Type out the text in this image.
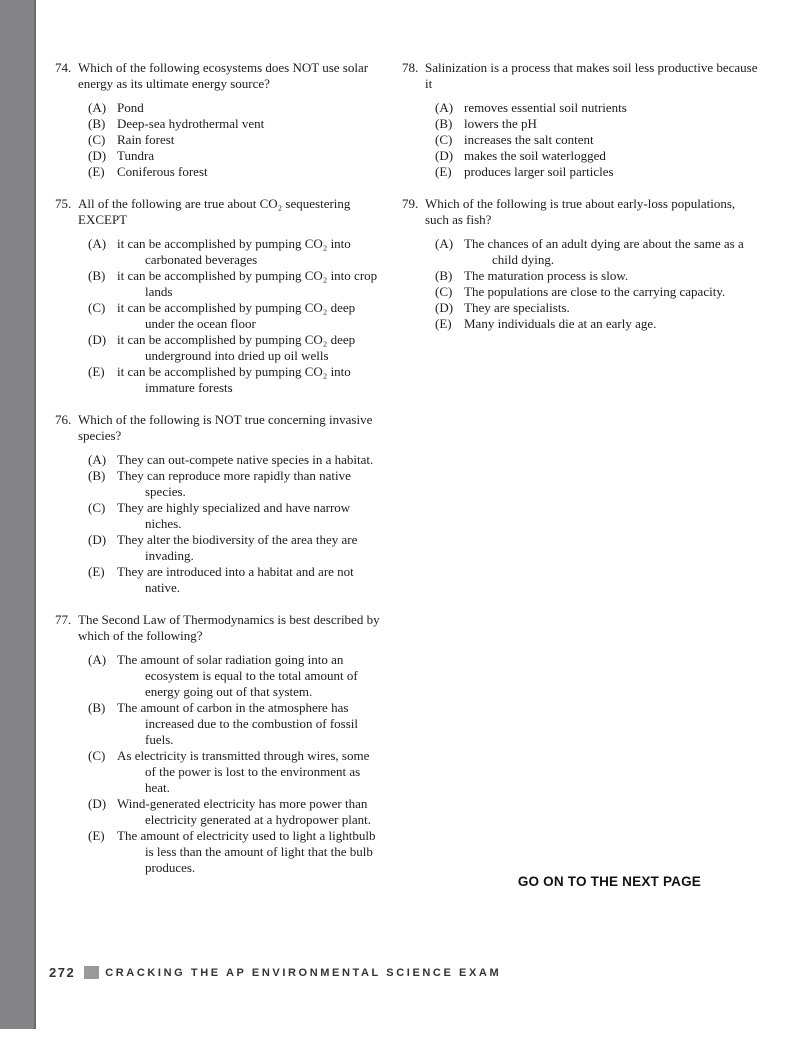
74. Which of the following ecosystems does NOT use solar energy as its ultimate energy source?
(A) Pond
(B) Deep-sea hydrothermal vent
(C) Rain forest
(D) Tundra
(E) Coniferous forest
75. All of the following are true about CO₂ sequestering EXCEPT
(A) it can be accomplished by pumping CO₂ into carbonated beverages
(B) it can be accomplished by pumping CO₂ into crop lands
(C) it can be accomplished by pumping CO₂ deep under the ocean floor
(D) it can be accomplished by pumping CO₂ deep underground into dried up oil wells
(E) it can be accomplished by pumping CO₂ into immature forests
76. Which of the following is NOT true concerning invasive species?
(A) They can out-compete native species in a habitat.
(B) They can reproduce more rapidly than native species.
(C) They are highly specialized and have narrow niches.
(D) They alter the biodiversity of the area they are invading.
(E) They are introduced into a habitat and are not native.
77. The Second Law of Thermodynamics is best described by which of the following?
(A) The amount of solar radiation going into an ecosystem is equal to the total amount of energy going out of that system.
(B) The amount of carbon in the atmosphere has increased due to the combustion of fossil fuels.
(C) As electricity is transmitted through wires, some of the power is lost to the environment as heat.
(D) Wind-generated electricity has more power than electricity generated at a hydropower plant.
(E) The amount of electricity used to light a lightbulb is less than the amount of light that the bulb produces.
78. Salinization is a process that makes soil less productive because it
(A) removes essential soil nutrients
(B) lowers the pH
(C) increases the salt content
(D) makes the soil waterlogged
(E) produces larger soil particles
79. Which of the following is true about early-loss populations, such as fish?
(A) The chances of an adult dying are about the same as a child dying.
(B) The maturation process is slow.
(C) The populations are close to the carrying capacity.
(D) They are specialists.
(E) Many individuals die at an early age.
GO ON TO THE NEXT PAGE
272	CRACKING THE AP ENVIRONMENTAL SCIENCE EXAM
